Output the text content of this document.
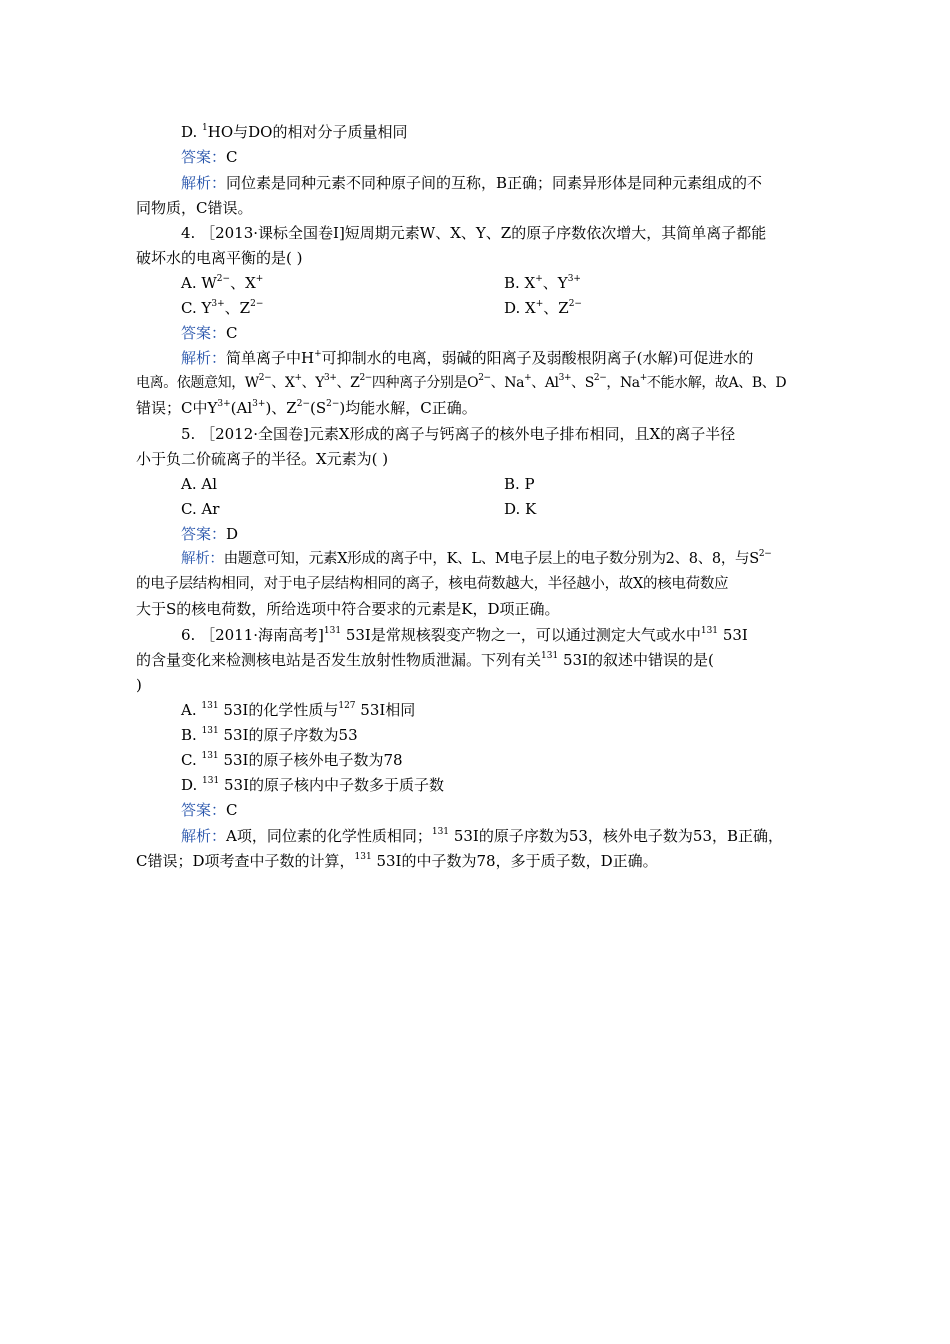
D. $^1$HO与DO的相对分子质量相同
答案：C
解析：同位素是同种元素不同种原子间的互称，B正确；同素异形体是同种元素组成的不
同物质，C错误。
4. ［2013·课标全国卷Ⅰ]短周期元素W、X、Y、Z的原子序数依次增大，其简单离子都能
破坏水的电离平衡的是( )
A. $W^{2-}$、X+	B. X+、$Y^{3+}$
C. $Y^{3+}$、$Z^{2-}$	D. X+、$Z^{2-}$
答案：C
解析：简单离子中H+可抑制水的电离，弱碱的阳离子及弱酸根阴离子(水解)可促进水的
电离。依题意知，$W^{2-}$、X+、$Y^{3+}$、$Z^{2-}$四种离子分别是$O^{2-}$、Na+、$Al^{3+}$、$S^{2-}$，Na+不能水解，故A、B、D
错误；C中$Y^{3+}(Al^{3+})$、$Z^{2-}(S^{2-})$均能水解，C正确。
5. ［2012·全国卷]元素X形成的离子与钙离子的核外电子排布相同，且X的离子半径
小于负二价硫离子的半径。X元素为( )
A. Al	B. P
C. Ar	D. K
答案：D
解析：由题意可知，元素X形成的离子中，K、L、M电子层上的电子数分别为2、8、8，与$S^{2-}$
的电子层结构相同，对于电子层结构相同的离子，核电荷数越大，半径越小，故X的核电荷数应
大于S的核电荷数，所给选项中符合要求的元素是K，D项正确。
6. ［2011·海南高考]$^{131}$ 53I是常规核裂变产物之一，可以通过测定大气或水中$^{131}$ 53I
的含量变化来检测核电站是否发生放射性物质泄漏。下列有关$^{131}$ 53I的叙述中错误的是(
)
A. $^{131}$ 53I的化学性质与$^{127}$ 53I相同
B. $^{131}$ 53I的原子序数为53
C. $^{131}$ 53I的原子核外电子数为78
D. $^{131}$ 53I的原子核内中子数多于质子数
答案：C
解析：A项，同位素的化学性质相同；$^{131}$ 53I的原子序数为53，核外电子数为53，B正确，
C错误；D项考查中子数的计算，$^{131}$ 53I的中子数为78，多于质子数，D正确。
